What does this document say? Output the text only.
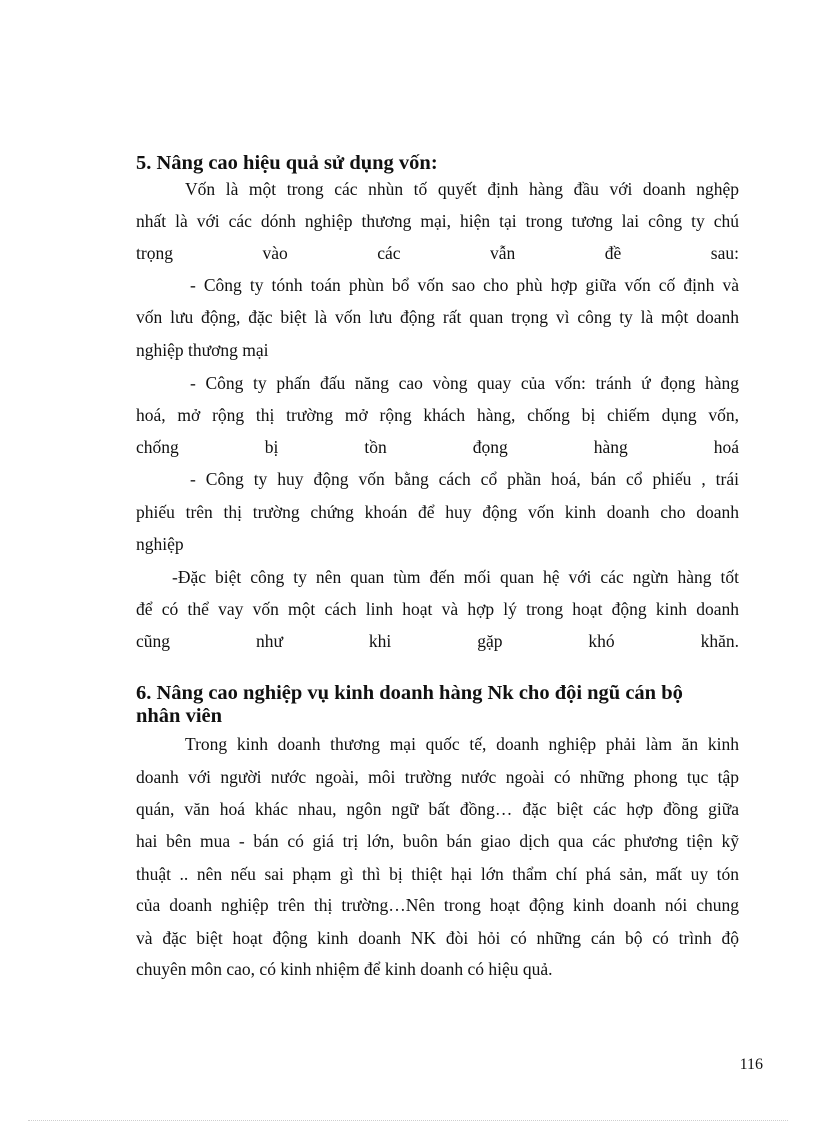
5. Nâng cao hiệu quả sử dụng vốn:
Vốn là một trong các nhùn tố quyết định hàng đầu với doanh nghệp
nhất là với các dónh nghiệp thương mại, hiện tại trong tương lai công ty chú
trọng vào các vẫn đề sau:
- Công ty tónh toán phùn bổ vốn sao cho phù hợp giữa vốn cố định và
vốn lưu động, đặc biệt là vốn lưu động rất quan trọng vì công ty là một doanh
nghiệp thương mại
- Công ty phấn đấu năng cao vòng quay của vốn: tránh ứ đọng hàng
hoá, mở rộng thị trường mở rộng khách hàng, chống bị chiếm dụng vốn,
chống bị tồn đọng hàng hoá
- Công ty huy động vốn bằng cách cổ phần hoá, bán cổ phiếu , trái
phiếu trên thị trường chứng khoán để huy động vốn kinh doanh cho doanh
nghiệp
-Đặc biệt công ty nên quan tùm đến mối quan hệ với các ngừn hàng tốt
để có thể vay vốn một cách linh hoạt và hợp lý trong hoạt động kinh doanh
cũng như khi gặp khó khăn.
6. Nâng cao nghiệp vụ kinh doanh hàng Nk cho đội ngũ cán bộ
nhân viên
Trong kinh doanh thương mại quốc tế, doanh nghiệp phải làm ăn kinh
doanh với người nước ngoài, môi trường nước ngoài có những phong tục tập
quán, văn hoá khác nhau, ngôn ngữ bất đồng… đặc biệt các hợp đồng giữa
hai bên mua - bán có giá trị lớn, buôn bán giao dịch qua các phương tiện kỹ
thuật .. nên nếu sai phạm gì thì bị thiệt hại lớn thẩm chí phá sản, mất uy tón
của doanh nghiệp trên thị trường…Nên trong hoạt động kinh doanh nói chung
và đặc biệt hoạt động kinh doanh NK đòi hỏi có những cán bộ có trình độ
chuyên môn cao, có kinh nhiệm để kinh doanh có hiệu quả.
116
